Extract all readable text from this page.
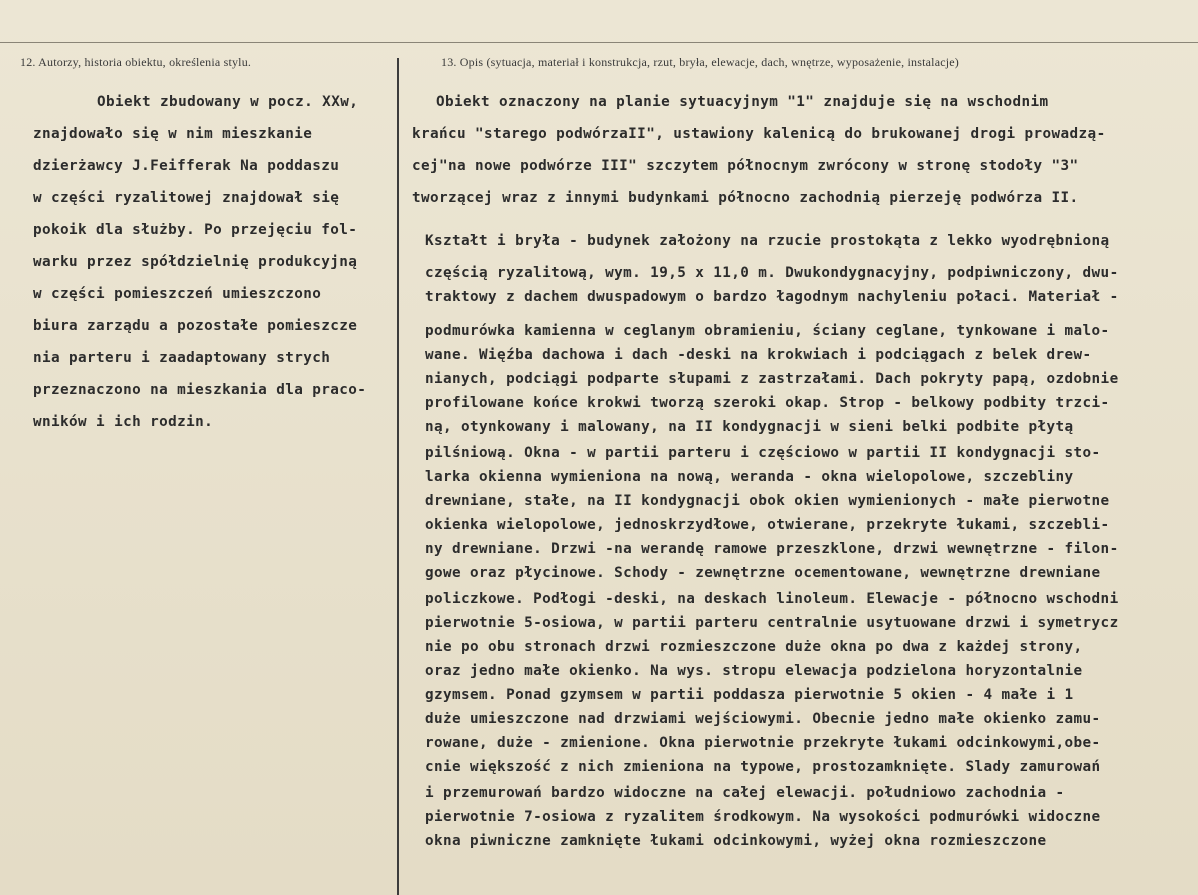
12. Autorzy, historia obiektu, określenia stylu.	13. Opis (sytuacja, materiał i konstrukcja, rzut, bryła, elewacje, dach, wnętrze, wyposażenie, instalacje)
Obiekt zbudowany w pocz. XXw,
znajdowało się w nim mieszkanie
dzierżawcy J.Feifferak Na poddaszu
w części ryzalitowej znajdował się
pokoik dla służby. Po przejęciu fol-
warku przez spółdzielnię produkcyjną
w części pomieszczeń umieszczono
biura zarządu a pozostałe pomieszcze
nia parteru i zaadaptowany strych
przeznaczono na mieszkania dla praco-
wników i ich rodzin.
Obiekt oznaczony na planie sytuacyjnym "1" znajduje się na wschodnim
krańcu "starego podwórzaII", ustawiony kalenicą do brukowanej drogi prowadzą-
cej"na nowe podwórze III" szczytem północnym zwrócony w stronę stodoły "3"
tworzącej wraz z innymi budynkami północno zachodnią pierzeję podwórza II.
Kształt i bryła - budynek założony na rzucie prostokąta z lekko wyodrębnioną
częścią ryzalitową, wym. 19,5 x 11,0 m. Dwukondygnacyjny, podpiwniczony, dwu-
traktowy z dachem dwuspadowym o bardzo łagodnym nachyleniu połaci. Materiał -
podmurówka kamienna w ceglanym obramieniu, ściany ceglane, tynkowane i malo-
wane. Więźba dachowa i dach -deski na krokwiach i podciągach z belek drew-
nianych, podciągi podparte słupami z zastrzałami. Dach pokryty papą, ozdobnie
profilowane końce krokwi tworzą szeroki okap. Strop - belkowy podbity trzci-
ną, otynkowany i malowany, na II kondygnacji w sieni belki podbite płytą
pilśniową. Okna - w partii parteru i częściowo w partii II kondygnacji sto-
larka okienna wymieniona na nową, weranda - okna wielopolowe, szczebliny
drewniane, stałe, na II kondygnacji obok okien wymienionych - małe pierwotne
okienka wielopolowe, jednoskrzydłowe, otwierane, przekryte łukami, szczebli-
ny drewniane. Drzwi -na werandę ramowe przeszklone, drzwi wewnętrzne - filon-
gowe oraz płycinowe. Schody - zewnętrzne ocementowane, wewnętrzne drewniane
policzkowe. Podłogi -deski, na deskach linoleum. Elewacje - północno wschodni
pierwotnie 5-osiowa, w partii parteru centralnie usytuowane drzwi i symetrycz
nie po obu stronach drzwi rozmieszczone duże okna po dwa z każdej strony,
oraz jedno małe okienko. Na wys. stropu elewacja podzielona horyzontalnie
gzymsem. Ponad gzymsem w partii poddasza pierwotnie 5 okien - 4 małe i 1
duże umieszczone nad drzwiami wejściowymi. Obecnie jedno małe okienko zamu-
rowane, duże - zmienione. Okna pierwotnie przekryte łukami odcinkowymi,obe-
cnie większość z nich zmieniona na typowe, prostozamknięte. Slady zamurowań
i przemurowań bardzo widoczne na całej elewacji. południowo zachodnia -
pierwotnie 7-osiowa z ryzalitem środkowym. Na wysokości podmurówki widoczne
okna piwniczne zamknięte łukami odcinkowymi, wyżej okna rozmieszczone
